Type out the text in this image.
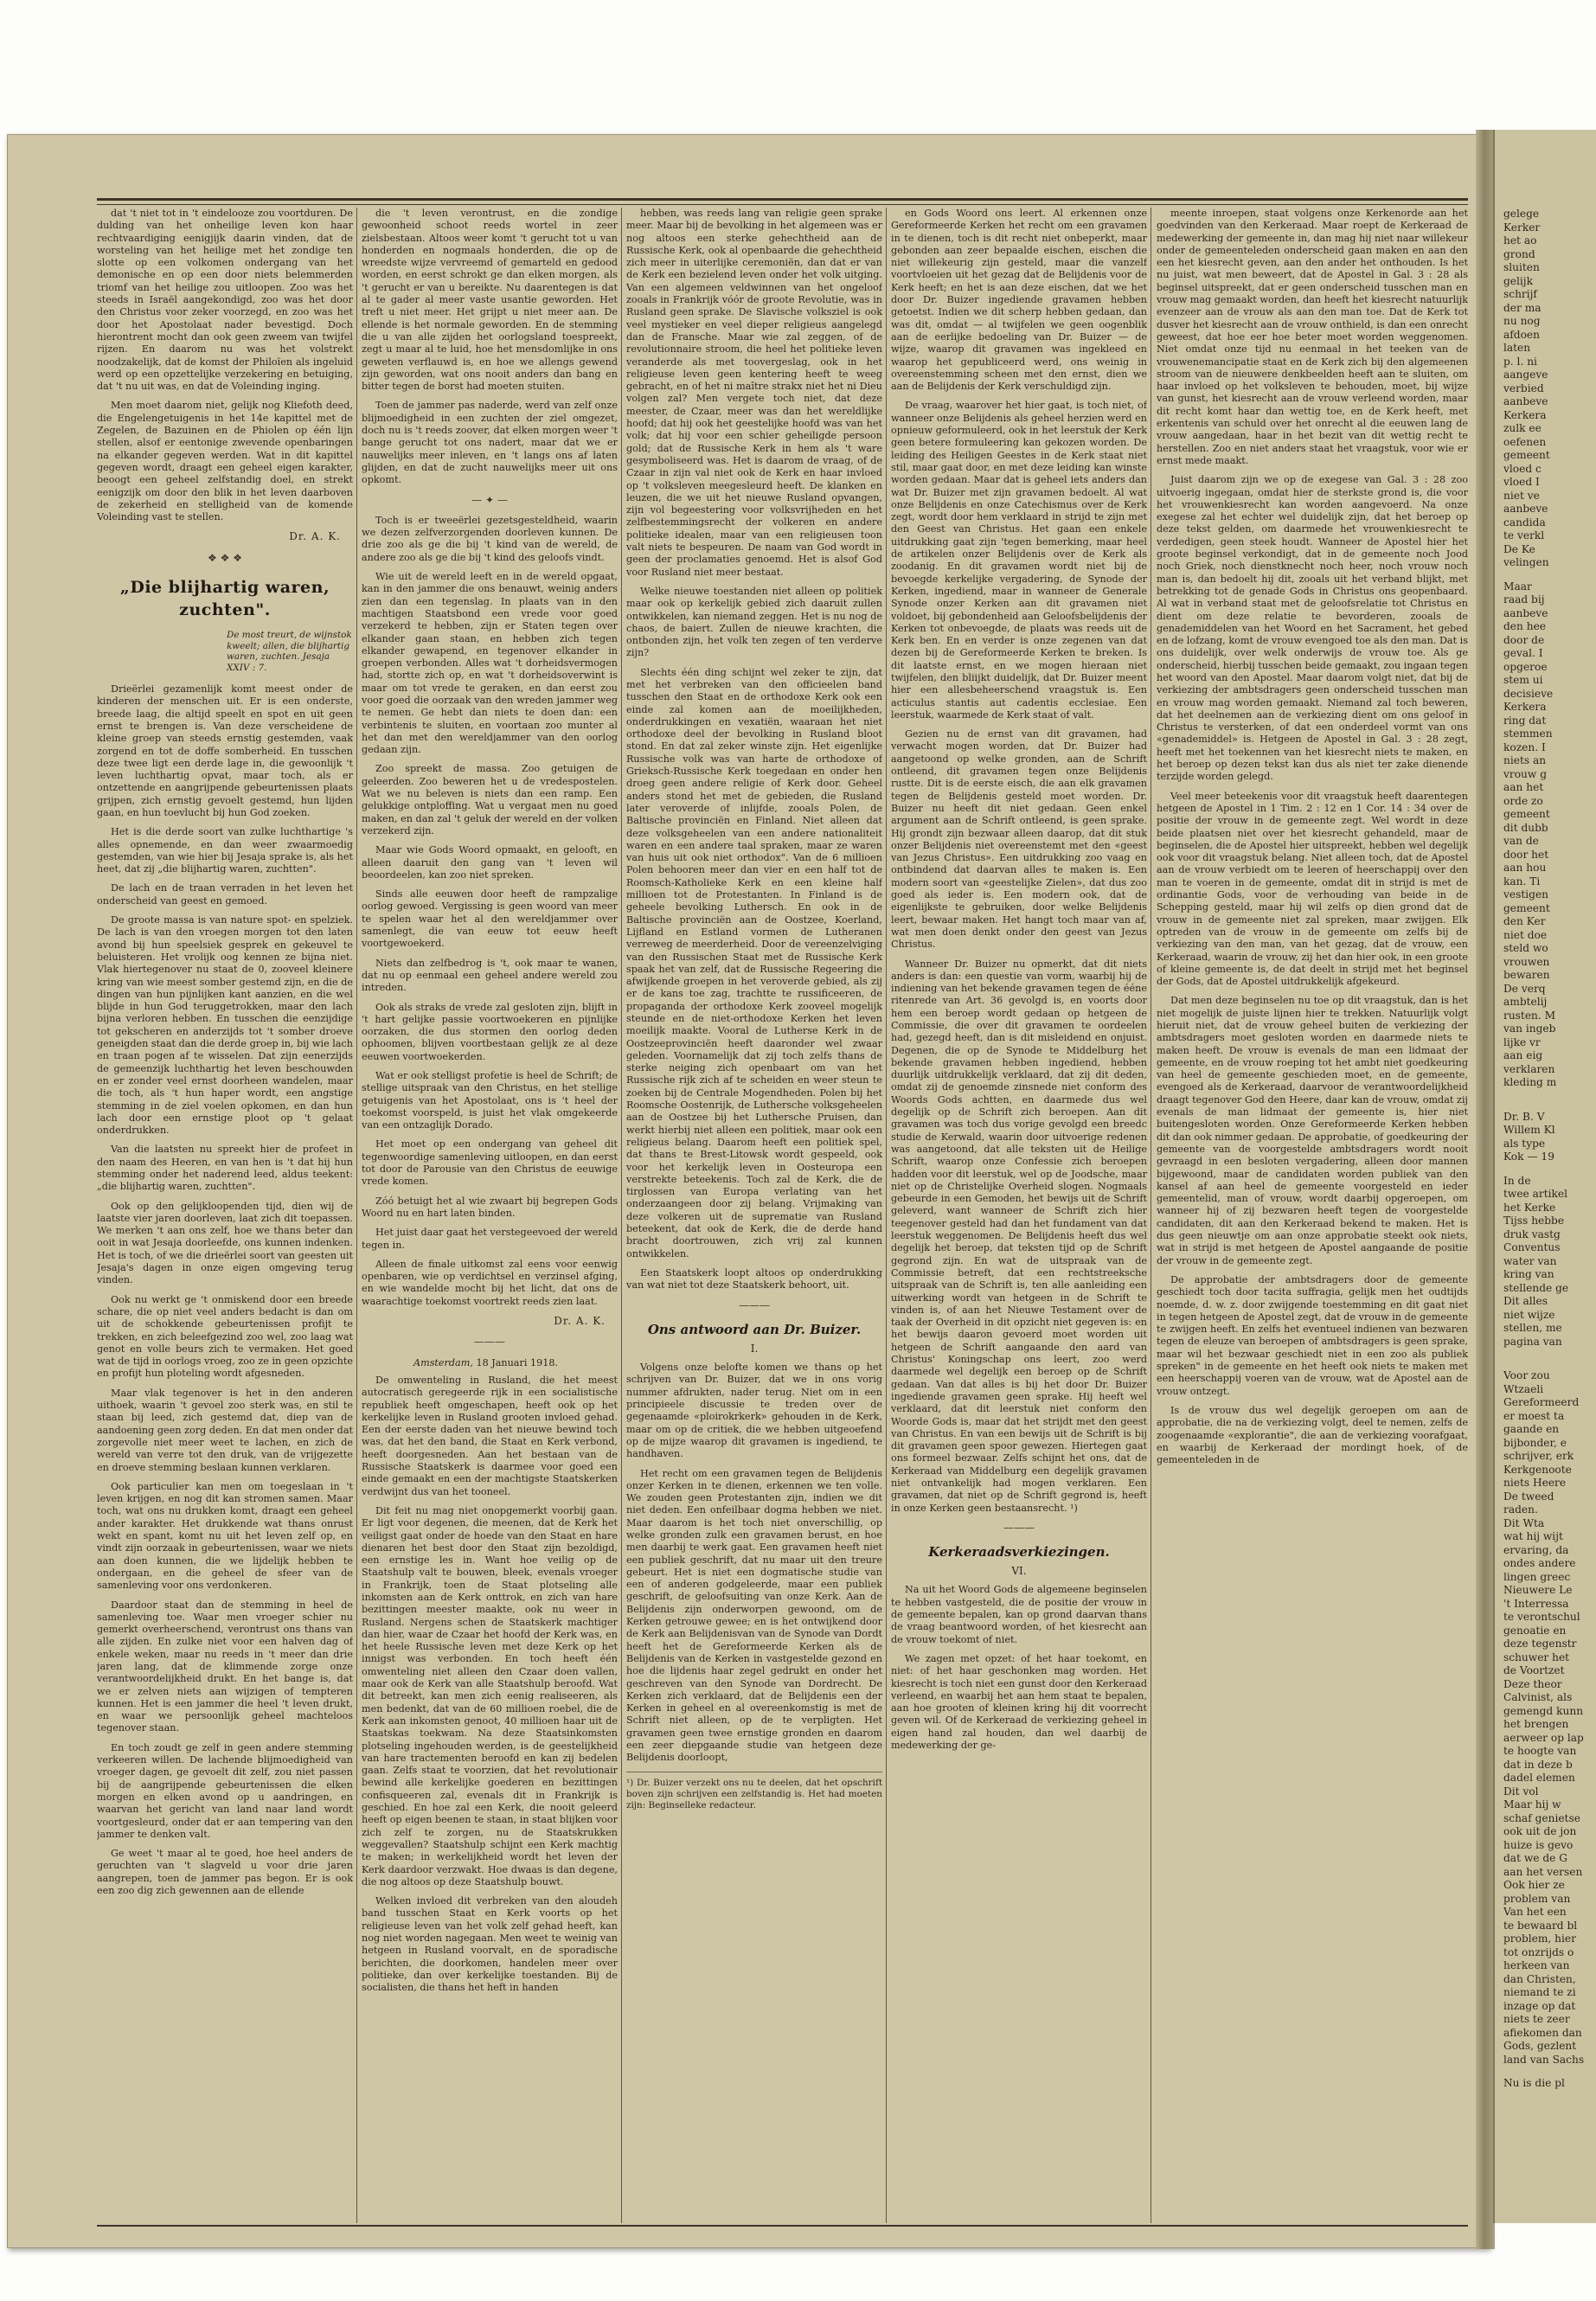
dat 't niet tot in 't eindelooze zou voortduren. De dulding van het onheilige leven kon haar rechtvaardiging eenigjijk daarin vinden, dat de worsteling van het heilige met het zondige ten slotte op een volkomen ondergang van het demonische en op een door niets belemmerden triomf van het heilige zou uitloopen. Zoo was het steeds in Israël aangekondigd, zoo was het door den Christus voor zeker voorzegd, en zoo was het door het Apostolaat nader bevestigd. Doch hierontrent mocht dan ook geen zweem van twijfel rijzen. En daarom nu was het volstrekt noodzakelijk, dat de komst der Philoïen als ingeluid werd op een opzettelijke verzekering en betuiging, dat 't nu uit was, en dat de Voleinding inging.

Men moet daarom niet, gelijk nog Kliefoth deed, die Engelengetuigenis in het 14e kapittel met de Zegelen, de Bazuinen en de Phiolen op één lijn stellen, alsof er eentonige zwevende openbaringen na elkander gegeven werden. Wat in dit kapittel gegeven wordt, draagt een geheel eigen karakter, beoogt een geheel zelfstandig doel, en strekt eenigzijk om door den blik in het leven daarboven de zekerheid en stelligheid van de komende Voleinding vast te stellen.

Dr. A. K.
❖ ❖ ❖
„Die blijhartig waren, zuchten".
De most treurt, de wijnstok kweelt; allen, die blijhartig waren, zuchten. Jesaja XXIV : 7.

Drieërlei gezamenlijk komt meest onder de kinderen der menschen uit. Er is een onderste, breede laag, die altijd speelt en spot en uit geen ernst te brengen is. Van deze verscheidene de kleine groep van steeds ernstig gestemden, vaak zorgend en tot de doffe somberheid. En tusschen deze twee ligt een derde lage in, die gewoonlijk 't leven luchthartig opvat, maar toch, als er ontzettende en aangrijpende gebeurtenissen plaats grijpen, zich ernstig gevoelt gestemd, hun lijden gaan, en hun toevlucht bij hun God zoeken.

Het is die derde soort van zulke luchthartige 's alles opnemende, en dan weer zwaarmoedig gestemden, van wie hier bij Jesaja sprake is, als het heet, dat zij „die blijhartig waren, zuchtten".

De lach en de traan verraden in het leven het onderscheid van geest en gemoed.

De groote massa is van nature spot- en spelziek. De lach is van den vroegen morgen tot den laten avond bij hun speelsiek gesprek en gekeuvel te beluisteren. Het vrolijk oog kennen ze bijna niet. Vlak hiertegenover nu staat de 0, zooveel kleinere kring van wie meest somber gestemd zijn, en die de dingen van hun pijnlijken kant aanzien, en die wel blijde in hun God teruggetrokken, maar den lach bijna verloren hebben. En tusschen die eenzijdige tot gekscheren en anderzijds tot 't somber droeve geneigden staat dan die derde groep in, bij wie lach en traan pogen af te wisselen. Dat zijn eenerzijds de gemeenzijk luchthartig het leven beschouwden en er zonder veel ernst doorheen wandelen, maar die toch, als 't hun haper wordt, een angstige stemming in de ziel voelen opkomen, en dan hun lach door een ernstige ploot op 't gelaat onderdrukken.

Van die laatsten nu spreekt hier de profeet in den naam des Heeren, en van hen is 't dat hij hun stemming onder het naderend leed, aldus teekent: „die blijhartig waren, zuchtten".

Ook op den gelijkloopenden tijd, dien wij de laatste vier jaren doorleven, laat zich dit toepassen. We merken 't aan ons zelf, hoe we thans beter dan ooit in wat Jesaja doorleefde, ons kunnen indenken. Het is toch, of we die drieërlei soort van geesten uit Jesaja's dagen in onze eigen omgeving terug vinden.

Ook nu werkt ge 't onmiskend door een breede schare, die op niet veel anders bedacht is dan om uit de schokkende gebeurtenissen profijt te trekken, en zich beleefgezind zoo wel, zoo laag wat genot en volle beurs zich te vermaken. Het goed wat de tijd in oorlogs vroeg, zoo ze in geen opzichte en profijt hun ploteling wordt afgesneden.

Maar vlak tegenover is het in den anderen uithoek, waarin 't gevoel zoo sterk was, en stil te staan bij leed, zich gestemd dat, diep van de aandoening geen zorg deden. En dat men onder dat zorgevolle niet meer weet te lachen, en zich de wereld van verre tot den druk, van de vrijgezette en droeve stemming beslaan kunnen verklaren.

Ook particulier kan men om toegeslaan in 't leven krijgen, en nog dit kan stromen samen. Maar toch, wat ons nu drukken komt, draagt een geheel ander karakter. Het drukkende wat thans onrust wekt en spant, komt nu uit het leven zelf op, en vindt zijn oorzaak in gebeurtenissen, waar we niets aan doen kunnen, die we lijdelijk hebben te ondergaan, en die geheel de sfeer van de samenleving voor ons verdonkeren.

Daardoor staat dan de stemming in heel de samenleving toe. Waar men vroeger schier nu gemerkt overheerschend, verontrust ons thans van alle zijden. En zulke niet voor een halven dag of enkele weken, maar nu reeds in 't meer dan drie jaren lang, dat de klimmende zorge onze verantwoordelijkheid drukt. En het bange is, dat we er zelven niets aan wijzigen of tempteren kunnen. Het is een jammer die heel 't leven drukt, en waar we persoonlijk geheel machteloos tegenover staan.

En toch zoudt ge zelf in geen andere stemming verkeeren willen. De lachende blijmoedigheid van vroeger dagen, ge gevoelt dit zelf, zou niet passen bij de aangrijpende gebeurtenissen die elken morgen en elken avond op u aandringen, en waarvan het gericht van land naar land wordt voortgesleurd, onder dat er aan tempering van den jammer te denken valt.

Ge weet 't maar al te goed, hoe heel anders de geruchten van 't slagveld u voor drie jaren aangrepen, toen de jammer pas begon. Er is ook een zoo dig zich gewennen aan de ellende

die 't leven verontrust, en die zondige gewoonheid schoot reeds wortel in zeer zielsbestaan. Altoos weer komt 't gerucht tot u van honderden en nogmaals honderden, die op de wreedste wijze vervreemd of gemarteld en gedood worden, en eerst schrokt ge dan elken morgen, als 't gerucht er van u bereikte. Nu daarentegen is dat al te gader al meer vaste usantie geworden. Het treft u niet meer. Het grijpt u niet meer aan. De ellende is het normale geworden. En de stemming die u van alle zijden het oorlogsland toespreekt, zegt u maar al te luid, hoe het mensdomlijke in ons geweten verflauwd is, en hoe we allengs gewend zijn geworden, wat ons nooit anders dan bang en bitter tegen de borst had moeten stuiten.

Toen de jammer pas naderde, werd van zelf onze blijmoedigheid in een zuchten der ziel omgezet, doch nu is 't reeds zoover, dat elken morgen weer 't bange gerucht tot ons nadert, maar dat we er nauwelijks meer inleven, en 't langs ons af laten glijden, en dat de zucht nauwelijks meer uit ons opkomt.

— ✦ —

Toch is er tweeërlei gezetsgesteldheid, waarin we dezen zelfverzorgenden doorleven kunnen. De drie zoo als ge die bij 't kind van de wereld, de andere zoo als ge die bij 't kind des geloofs vindt.

Wie uit de wereld leeft en in de wereld opgaat, kan in den jammer die ons benauwt, weinig anders zien dan een tegenslag. In plaats van in den machtigen Staatsbond een vrede voor goed verzekerd te hebben, zijn er Staten tegen over elkander gaan staan, en hebben zich tegen elkander gewapend, en tegenover elkander in groepen verbonden. Alles wat 't dorheidsvermogen had, stortte zich op, en wat 't dorheidsoverwint is maar om tot vrede te geraken, en dan eerst zou voor goed die oorzaak van den wreden jammer weg te nemen. Ge hebt dan niets te doen dan: een verbintenis te sluiten, en voortaan zoo munter al het dan met den wereldjammer van den oorlog gedaan zijn.

Zoo spreekt de massa. Zoo getuigen de geleerden. Zoo beweren het u de vredespostelen. Wat we nu beleven is niets dan een ramp. Een gelukkige ontploffing. Wat u vergaat men nu goed maken, en dan zal 't geluk der wereld en der volken verzekerd zijn.

Maar wie Gods Woord opmaakt, en gelooft, en alleen daaruit den gang van 't leven wil beoordeelen, kan zoo niet spreken.

Sinds alle eeuwen door heeft de rampzalige oorlog gewoed. Vergissing is geen woord van meer te spelen waar het al den wereldjammer over samenlegt, die van eeuw tot eeuw heeft voortgewoekerd.

Niets dan zelfbedrog is 't, ook maar te wanen, dat nu op eenmaal een geheel andere wereld zou intreden.

Ook als straks de vrede zal gesloten zijn, blijft in 't hart gelijke passie voortwoekeren en pijnlijke oorzaken, die dus stormen den oorlog deden ophoomen, blijven voortbestaan gelijk ze al deze eeuwen voortwoekerden.

Wat er ook stelligst profetie is heel de Schrift; de stellige uitspraak van den Christus, en het stellige getuigenis van het Apostolaat, ons is 't heel der toekomst voorspeld, is juist het vlak omgekeerde van een ontzaglijk Dorado.

Het moet op een ondergang van geheel dit tegenwoordige samenleving uitloopen, en dan eerst tot door de Parousie van den Christus de eeuwige vrede komen.

Zóó betuigt het al wie zwaart bij begrepen Gods Woord nu en hart laten binden.

Het juist daar gaat het verstegeevoed der wereld tegen in.

Alleen de finale uitkomst zal eens voor eenwig openbaren, wie op verdichtsel en verzinsel afging, en wie wandelde mocht bij het licht, dat ons de waarachtige toekomst voortrekt reeds zien laat.

Dr. A. K.
———
Amsterdam, 18 Januari 1918.

De omwenteling in Rusland, die het meest autocratisch geregeerde rijk in een socialistische republiek heeft omgeschapen, heeft ook op het kerkelijke leven in Rusland grooten invloed gehad. Een der eerste daden van het nieuwe bewind toch was, dat het den band, die Staat en Kerk verbond, heeft doorgesneden. Aan het bestaan van de Russische Staatskerk is daarmee voor goed een einde gemaakt en een der machtigste Staatskerken verdwijnt dus van het tooneel.

Dit feit nu mag niet onopgemerkt voorbij gaan. Er ligt voor degenen, die meenen, dat de Kerk het veiligst gaat onder de hoede van den Staat en hare dienaren het best door den Staat zijn bezoldigd, een ernstige les in. Want hoe veilig op de Staatshulp valt te bouwen, bleek, evenals vroeger in Frankrijk, toen de Staat plotseling alle inkomsten aan de Kerk onttrok, en zich van hare bezittingen meester maakte, ook nu weer in Rusland. Nergens schen de Staatskerk machtiger dan hier, waar de Czaar het hoofd der Kerk was, en het heele Russische leven met deze Kerk op het innigst was verbonden. En toch heeft één omwenteling niet alleen den Czaar doen vallen, maar ook de Kerk van alle Staatshulp beroofd. Wat dit betreekt, kan men zich eenig realiseeren, als men bedenkt, dat van de 60 millioen roebel, die de Kerk aan inkomsten genoot, 40 millioen haar uit de Staatskas toekwam. Na deze Staatsinkomsten plotseling ingehouden werden, is de geestelijkheid van hare tractementen beroofd en kan zij bedelen gaan. Zelfs staat te voorzien, dat het revolutionair bewind alle kerkelijke goederen en bezittingen confisqueeren zal, evenals dit in Frankrijk is geschied. En hoe zal een Kerk, die nooit geleerd heeft op eigen beenen te staan, in staat blijken voor zich zelf te zorgen, nu de Staatskrukken weggevallen? Staatshulp schijnt een Kerk machtig te maken; in werkelijkheid wordt het leven der Kerk daardoor verzwakt. Hoe dwaas is dan degene, die nog altoos op deze Staatshulp bouwt.

Welken invloed dit verbreken van den aloudeh band tusschen Staat en Kerk voorts op het religieuse leven van het volk zelf gehad heeft, kan nog niet worden nagegaan. Men weet te weinig van hetgeen in Rusland voorvalt, en de sporadische berichten, die doorkomen, handelen meer over politieke, dan over kerkelijke toestanden. Bij de socialisten, die thans het heft in handen

hebben, was reeds lang van religie geen sprake meer. Maar bij de bevolking in het algemeen was er nog altoos een sterke gehechtheid aan de Russische Kerk, ook al openbaarde die gehechtheid zich meer in uiterlijke ceremoniën, dan dat er van de Kerk een bezielend leven onder het volk uitging. Van een algemeen veldwinnen van het ongeloof zooals in Frankrijk vóór de groote Revolutie, was in Rusland geen sprake. De Slavische volksziel is ook veel mystieker en veel dieper religieus aangelegd dan de Fransche. Maar wie zal zeggen, of de revolutionnaire stroom, die heel het politieke leven veranderde als met toovergeslag, ook in het religieuse leven geen kentering heeft te weeg gebracht, en of het ni maître strakx niet het ni Dieu volgen zal? Men vergete toch niet, dat deze meester, de Czaar, meer was dan het wereldlijke hoofd; dat hij ook het geestelijke hoofd was van het volk; dat hij voor een schier geheiligde persoon gold; dat de Russische Kerk in hem als 't ware gesymboliseerd was. Het is daarom de vraag, of de Czaar in zijn val niet ook de Kerk en haar invloed op 't volksleven meegesleurd heeft. De klanken en leuzen, die we uit het nieuwe Rusland opvangen, zijn vol begeestering voor volksvrijheden en het zelfbestemmingsrecht der volkeren en andere politieke idealen, maar van een religieusen toon valt niets te bespeuren. De naam van God wordt in geen der proclamaties genoemd. Het is alsof God voor Rusland niet meer bestaat.

Welke nieuwe toestanden niet alleen op politiek maar ook op kerkelijk gebied zich daaruit zullen ontwikkelen, kan niemand zeggen. Het is nu nog de chaos, de baiert. Zullen de nieuwe krachten, die ontbonden zijn, het volk ten zegen of ten verderve zijn?

Slechts één ding schijnt wel zeker te zijn, dat met het verbreken van den officieelen band tusschen den Staat en de orthodoxe Kerk ook een einde zal komen aan de moeilijkheden, onderdrukkingen en vexatiën, waaraan het niet orthodoxe deel der bevolking in Rusland bloot stond. En dat zal zeker winste zijn. Het eigenlijke Russische volk was van harte de orthodoxe of Grieksch-Russische Kerk toegedaan en onder hen droeg geen andere religie of Kerk door. Geheel anders stond het met de gebieden, die Rusland later veroverde of inlijfde, zooals Polen, de Baltische provinciën en Finland. Niet alleen dat deze volksgeheelen van een andere nationaliteit waren en een andere taal spraken, maar ze waren van huis uit ook niet orthodox". Van de 6 millioen Polen behooren meer dan vier en een half tot de Roomsch-Katholieke Kerk en een kleine half millioen tot de Protestanten. In Finland is de geheele bevolking Luthersch. En ook in de Baltische provinciën aan de Oostzee, Koerland, Lijfland en Estland vormen de Lutheranen verreweg de meerderheid. Door de vereenzelviging van den Russischen Staat met de Russische Kerk spaak het van zelf, dat de Russische Regeering die afwijkende groepen in het veroverde gebied, als zij er de kans toe zag, trachtte te russificeeren, de propaganda der orthodoxe Kerk zooveel mogelijk steunde en de niet-orthodoxe Kerken het leven moeilijk maakte. Vooral de Lutherse Kerk in de Oostzeeprovinciën heeft daaronder wel zwaar geleden. Voornamelijk dat zij toch zelfs thans de sterke neiging zich openbaart om van het Russische rijk zich af te scheiden en weer steun te zoeken bij de Centrale Mogendheden. Polen bij het Roomsche Oostenrijk, de Luthersche volksgeheelen aan de Oostzee bij het Luthersche Pruisen, dan werkt hierbij niet alleen een politiek, maar ook een religieus belang. Daarom heeft een politiek spel, dat thans te Brest-Litowsk wordt gespeeld, ook voor het kerkelijk leven in Oosteuropa een verstrekte beteekenis. Toch zal de Kerk, die de tirglossen van Europa verlating van het onderzaangeen door zij belang. Vrijmaking van deze volkeren uit de suprematie van Rusland beteekent, dat ook de Kerk, die de derde hand bracht doortrouwen, zich vrij zal kunnen ontwikkelen.

Een Staatskerk loopt altoos op onderdrukking van wat niet tot deze Staatskerk behoort, uit.

———
Ons antwoord aan Dr. Buizer.
I.

Volgens onze belofte komen we thans op het schrijven van Dr. Buizer, dat we in ons vorig nummer afdrukten, nader terug. Niet om in een principieele discussie te treden over de gegenaamde «ploirokrkerk» gehouden in de Kerk, maar om op de critiek, die we hebben uitgeoefend op de mijze waarop dit gravamen is ingediend, te handhaven.

Het recht om een gravamen tegen de Belijdenis onzer Kerken in te dienen, erkennen we ten volle. We zouden geen Protestanten zijn, indien we dit niet deden. Een onfeilbaar dogma hebben we niet. Maar daarom is het toch niet onverschillig, op welke gronden zulk een gravamen berust, en hoe men daarbij te werk gaat. Een gravamen heeft niet een publiek geschrift, dat nu maar uit den treure gebeurt. Het is niet een dogmatische studie van een of anderen godgeleerde, maar een publiek geschrift, de geloofsuiting van onze Kerk. Aan de Belijdenis zijn onderworpen gewoond, om de Kerken getrouwe gewee; en is het ontwijkend door de Kerk aan Belijdenisvan van de Synode van Dordt heeft het de Gereformeerde Kerken als de Belijdenis van de Kerken in vastgestelde gezond en hoe die lijdenis haar zegel gedrukt en onder het geschreven van den Synode van Dordrecht. De Kerken zich verklaard, dat de Belijdenis een der Kerken in geheel en al overeenkomstig is met de Schrift niet alleen, op de te verpligten. Het gravamen geen twee ernstige gronden en daarom een zeer diepgaande studie van hetgeen deze Belijdenis doorloopt,

¹) Dr. Buizer verzekt ons nu te deelen, dat het opschrift boven zijn schrijven een zelfstandig is. Het had moeten zijn: Beginselleke redacteur.

en Gods Woord ons leert. Al erkennen onze Gereformeerde Kerken het recht om een gravamen in te dienen, toch is dit recht niet onbeperkt, maar gebonden aan zeer bepaalde eischen, eischen die niet willekeurig zijn gesteld, maar die vanzelf voortvloeien uit het gezag dat de Belijdenis voor de Kerk heeft; en het is aan deze eischen, dat we het door Dr. Buizer ingediende gravamen hebben getoetst. Indien we dit scherp hebben gedaan, dan was dit, omdat — al twijfelen we geen oogenblik aan de eerlijke bedoeling van Dr. Buizer — de wijze, waarop dit gravamen was ingekleed en waarop het gepubliceerd werd, ons weinig in overeenstemming scheen met den ernst, dien we aan de Belijdenis der Kerk verschuldigd zijn.

De vraag, waarover het hier gaat, is toch niet, of wanneer onze Belijdenis als geheel herzien werd en opnieuw geformuleerd, ook in het leerstuk der Kerk geen betere formuleering kan gekozen worden. De leiding des Heiligen Geestes in de Kerk staat niet stil, maar gaat door, en met deze leiding kan winste worden gedaan. Maar dat is geheel iets anders dan wat Dr. Buizer met zijn gravamen bedoelt. Al wat onze Belijdenis en onze Catechismus over de Kerk zegt, wordt door hem verklaard in strijd te zijn met den Geest van Christus. Het gaan een enkele uitdrukking gaat zijn 'tegen bemerking, maar heel de artikelen onzer Belijdenis over de Kerk als zoodanig. En dit gravamen wordt niet bij de bevoegde kerkelijke vergadering, de Synode der Kerken, ingediend, maar in wanneer de Generale Synode onzer Kerken aan dit gravamen niet voldoet, bij gebondenheid aan Geloofsbelijdenis der Kerken tot onbevoegde, de plaats was reeds uit de Kerk ben. En en verder is onze zegenen van dat dezen bij de Gereformeerde Kerken te breken. Is dit laatste ernst, en we mogen hieraan niet twijfelen, den bliijkt duidelijk, dat Dr. Buizer meent hier een allesbeheerschend vraagstuk is. Een acticulus stantis aut cadentis ecclesiae. Een leerstuk, waarmede de Kerk staat of valt.

Gezien nu de ernst van dit gravamen, had verwacht mogen worden, dat Dr. Buizer had aangetoond op welke gronden, aan de Schrift ontleend, dit gravamen tegen onze Belijdenis rustte. Dit is de eerste eisch, die aan elk gravamen tegen de Belijdenis gesteld moet worden. Dr. Buizer nu heeft dit niet gedaan. Geen enkel argument aan de Schrift ontleend, is geen sprake. Hij grondt zijn bezwaar alleen daarop, dat dit stuk onzer Belijdenis niet overeenstemt met den «geest van Jezus Christus». Een uitdrukking zoo vaag en ontbindend dat daarvan alles te maken is. Een modern soort van «geestelijke Zielen», dat dus zoo goed als ieder is. Een modern ook, dat de eigenlijkste te gebruiken, door welke Belijdenis leert, bewaar maken. Het hangt toch maar van af, wat men doen denkt onder den geest van Jezus Christus.

Wanneer Dr. Buizer nu opmerkt, dat dit niets anders is dan: een questie van vorm, waarbij hij de indiening van het bekende gravamen tegen de ééne ritenrede van Art. 36 gevolgd is, en voorts door hem een beroep wordt gedaan op hetgeen de Commissie, die over dit gravamen te oordeelen had, gezegd heeft, dan is dit misleidend en onjuist. Degenen, die op de Synode te Middelburg het bekende gravamen hebben ingediend, hebben duurlijk uitdrukkelijk verklaard, dat zij dit deden, omdat zij de genoemde zinsnede niet conform des Woords Gods achtten, en daarmede dus wel degelijk op de Schrift zich beroepen. Aan dit gravamen was toch dus vorige gevolgd een breedc studie de Kerwald, waarin door uitvoerige redenen was aangetoond, dat alle teksten uit de Heilige Schrift, waarop onze Confessie zich beroepen hadden voor dit leerstuk, wel op de Joodsche, maar niet op de Christelijke Overheid slogen. Nogmaals gebeurde in een Gemoden, het bewijs uit de Schrift geleverd, want wanneer de Schrift zich hier teegenover gesteld had dan het fundament van dat leerstuk weggenomen. De Belijdenis heeft dus wel degelijk het beroep, dat teksten tijd op de Schrift gegrond zijn. En wat de uitspraak van de Commissie betreft, dat een rechtstreeksche uitspraak van de Schrift is, ten alle aanleiding een uitwerking wordt van hetgeen in de Schrift te vinden is, of aan het Nieuwe Testament over de taak der Overheid in dit opzicht niet gegeven is: en het bewijs daaron gevoerd moet worden uit hetgeen de Schrift aangaande den aard van Christus' Koningschap ons leert, zoo werd daarmede wel degelijk een beroep op de Schrift gedaan. Van dat alles is bij het door Dr. Buizer ingediende gravamen geen sprake. Hij heeft wel verklaard, dat dit leerstuk niet conform den Woorde Gods is, maar dat het strijdt met den geest van Christus. En van een bewijs uit de Schrift is bij dit gravamen geen spoor gewezen. Hiertegen gaat ons formeel bezwaar. Zelfs schijnt het ons, dat de Kerkeraad van Middelburg een degelijk gravamen niet ontvankelijk had mogen verklaren. Een gravamen, dat niet op de Schrift gegrond is, heeft in onze Kerken geen bestaansrecht. ¹)

———
Kerkeraadsverkiezingen.
VI.

Na uit het Woord Gods de algemeene beginselen te hebben vastgesteld, die de positie der vrouw in de gemeente bepalen, kan op grond daarvan thans de vraag beantwoord worden, of het kiesrecht aan de vrouw toekomt of niet.

We zagen met opzet: of het haar toekomt, en niet: of het haar geschonken mag worden. Het kiesrecht is toch niet een gunst door den Kerkeraad verleend, en waarbij het aan hem staat te bepalen, aan hoe grooten of kleinen kring hij dit voorrecht geven wil. Of de Kerkeraad de verkiezing geheel in eigen hand zal houden, dan wel daarbij de medewerking der ge-

gelege
Kerker
het ao
grond
sluiten
gelijk
schrijf
der ma
nu nog
afdoen
laten
p. l. ni
aangeve
verbied
aanbeve
Kerkera
zulk ee
oefenen
gemeent
vloed c
vloed I
niet ve
aanbeve
candida
te verkl
De Ke
velingen
Maar
raad bij
aanbeve
den hee
door de
geval. I
opgeroe
stem ui
decisieve
Kerkera
ring dat
stemmen
kozen. I
niets an
vrouw g
aan het
orde zo
gemeent
dit dubb
van de
door het
aan hou
kan. Ti
vestigen
gemeent
den Ker
niet doe
steld wo
vrouwen
bewaren
De verq
ambtelij
rusten. M
van ingeb
lijke vr
aan eig
verklaren
kleding m
Dr. B. V
Willem Kl
als type
Kok — 19
In de
twee artikel
het Kerke
Tijss hebbe
druk vastg
Conventus
water van
kring van
stellende ge
Dit alles
niet wijze
stellen, me
pagina van
Voor zou
Wtzaeli
Gereformeerd
er moest ta
gaande en
bijbonder, e
schrijver, erk
Kerkgenoote
niets Heere
De tweed
raden.
Dit Wta
wat hij wijt
ervaring, da
ondes andere
lingen greec
Nieuwere Le
't Interressa
te verontschul
genoatie en
deze tegenstr
schuwer het
de Voortzet
Deze theor
Calvinist, als
gemengd kunn
het brengen
aerweer op lap
te hoogte van
dat in deze b
dadel elemen
Dit vol
Maar hij w
schaf genietse
ook uit de jon
huize is gevo
dat we de G
aan het versen
Ook hier ze
problem van
Van het een
te bewaard bl
problem, hier
tot onzrijds o
herkeen van
dan Christen,
niemand te zi
inzage op dat
niets te zeer
afiekomen dan
Gods, gezlent
land van Sachs
Nu is die pl

meente inroepen, staat volgens onze Kerkenorde aan het goedvinden van den Kerkeraad. Maar roept de Kerkeraad de medewerking der gemeente in, dan mag hij niet naar willekeur onder de gemeenteleden onderscheid gaan maken en aan den een het kiesrecht geven, aan den ander het onthouden. Is het nu juist, wat men beweert, dat de Apostel in Gal. 3 : 28 als beginsel uitspreekt, dat er geen onderscheid tusschen man en vrouw mag gemaakt worden, dan heeft het kiesrecht natuurlijk evenzeer aan de vrouw als aan den man toe. Dat de Kerk tot dusver het kiesrecht aan de vrouw onthield, is dan een onrecht geweest, dat hoe eer hoe beter moet worden weggenomen. Niet omdat onze tijd nu eenmaal in het teeken van de vrouwenemancipatie staat en de Kerk zich bij den algemeenen stroom van de nieuwere denkbeelden heeft aan te sluiten, om haar invloed op het volksleven te behouden, moet, bij wijze van gunst, het kiesrecht aan de vrouw verleend worden, maar dit recht komt haar dan wettig toe, en de Kerk heeft, met erkentenis van schuld over het onrecht al die eeuwen lang de vrouw aangedaan, haar in het bezit van dit wettig recht te herstellen. Zoo en niet anders staat het vraagstuk, voor wie er ernst mede maakt.

Juist daarom zijn we op de exegese van Gal. 3 : 28 zoo uitvoerig ingegaan, omdat hier de sterkste grond is, die voor het vrouwenkiesrecht kan worden aangevoerd. Na onze exegese zal het echter wel duidelijk zijn, dat het beroep op deze tekst gelden, om daarmede het vrouwenkiesrecht te verdedigen, geen steek houdt. Wanneer de Apostel hier het groote beginsel verkondigt, dat in de gemeente noch Jood noch Griek, noch dienstknecht noch heer, noch vrouw noch man is, dan bedoelt hij dit, zooals uit het verband blijkt, met betrekking tot de genade Gods in Christus ons geopenbaard. Al wat in verband staat met de geloofsrelatie tot Christus en dient om deze relatie te bevorderen, zooals de genademiddelen van het Woord en het Sacrament, het gebed en de lofzang, komt de vrouw evengoed toe als den man. Dat is ons duidelijk, over welk onderwijs de vrouw toe. Als ge onderscheid, hierbij tusschen beide gemaakt, zou ingaan tegen het woord van den Apostel. Maar daarom volgt niet, dat bij de verkiezing der ambtsdragers geen onderscheid tusschen man en vrouw mag worden gemaakt. Niemand zal toch beweren, dat het deelnemen aan de verkiezing dient om ons geloof in Christus te versterken, of dat een onderdeel vormt van ons «genademiddel» is. Hetgeen de Apostel in Gal. 3 : 28 zegt, heeft met het toekennen van het kiesrecht niets te maken, en het beroep op dezen tekst kan dus als niet ter zake dienende terzijde worden gelegd.

Veel meer beteekenis voor dit vraagstuk heeft daarentegen hetgeen de Apostel in 1 Tim. 2 : 12 en 1 Cor. 14 : 34 over de positie der vrouw in de gemeente zegt. Wel wordt in deze beide plaatsen niet over het kiesrecht gehandeld, maar de beginselen, die de Apostel hier uitspreekt, hebben wel degelijk ook voor dit vraagstuk belang. Niet alleen toch, dat de Apostel aan de vrouw verbiedt om te leeren of heerschappij over den man te voeren in de gemeente, omdat dit in strijd is met de ordinantie Gods, voor de verhouding van beide in de Schepping gesteld, maar hij wil zelfs op dien grond dat de vrouw in de gemeente niet zal spreken, maar zwijgen. Elk optreden van de vrouw in de gemeente om zelfs bij de verkiezing van den man, van het gezag, dat de vrouw, een Kerkeraad, waarin de vrouw, zij het dan hier ook, in een groote of kleine gemeente is, de dat deelt in strijd met het beginsel der Gods, dat de Apostel uitdrukkelijk afgekeurd.

Dat men deze beginselen nu toe op dit vraagstuk, dan is het niet mogelijk de juiste lijnen hier te trekken. Natuurlijk volgt hieruit niet, dat de vrouw geheel buiten de verkiezing der ambtsdragers moet gesloten worden en daarmede niets te maken heeft. De vrouw is evenals de man een lidmaat der gemeente, en de vrouw roeping tot het ambt niet goedkeuring van heel de gemeente geschieden moet, en de gemeente, evengoed als de Kerkeraad, daarvoor de verantwoordelijkheid draagt tegenover God den Heere, daar kan de vrouw, omdat zij evenals de man lidmaat der gemeente is, hier niet buitengesloten worden. Onze Gereformeerde Kerken hebben dit dan ook nimmer gedaan. De approbatie, of goedkeuring der gemeente van de voorgestelde ambtsdragers wordt nooit gevraagd in een besloten vergadering, alleen door mannen bijgewoond, maar de candidaten worden publiek van den kansel af aan heel de gemeente voorgesteld en ieder gemeentelid, man of vrouw, wordt daarbij opgeroepen, om wanneer hij of zij bezwaren heeft tegen de voorgestelde candidaten, dit aan den Kerkeraad bekend te maken. Het is dus geen nieuwtje om aan onze approbatie steekt ook niets, wat in strijd is met hetgeen de Apostel aangaande de positie der vrouw in de gemeente zegt.

De approbatie der ambtsdragers door de gemeente geschiedt toch door tacita suffragia, gelijk men het oudtijds noemde, d. w. z. door zwijgende toestemming en dit gaat niet in tegen hetgeen de Apostel zegt, dat de vrouw in de gemeente te zwijgen heeft. En zelfs het eventueel indienen van bezwaren tegen de eleuze van beroepen of ambtsdragers is geen sprake, maar wil het bezwaar geschiedt niet in een zoo als publiek spreken" in de gemeente en het heeft ook niets te maken met een heerschappij voeren van de vrouw, wat de Apostel aan de vrouw ontzegt.

Is de vrouw dus wel degelijk geroepen om aan de approbatie, die na de verkiezing volgt, deel te nemen, zelfs de zoogenaamde «explorantie", die aan de verkiezing voorafgaat, en waarbij de Kerkeraad der mordingt hoek, of de gemeenteleden in de
